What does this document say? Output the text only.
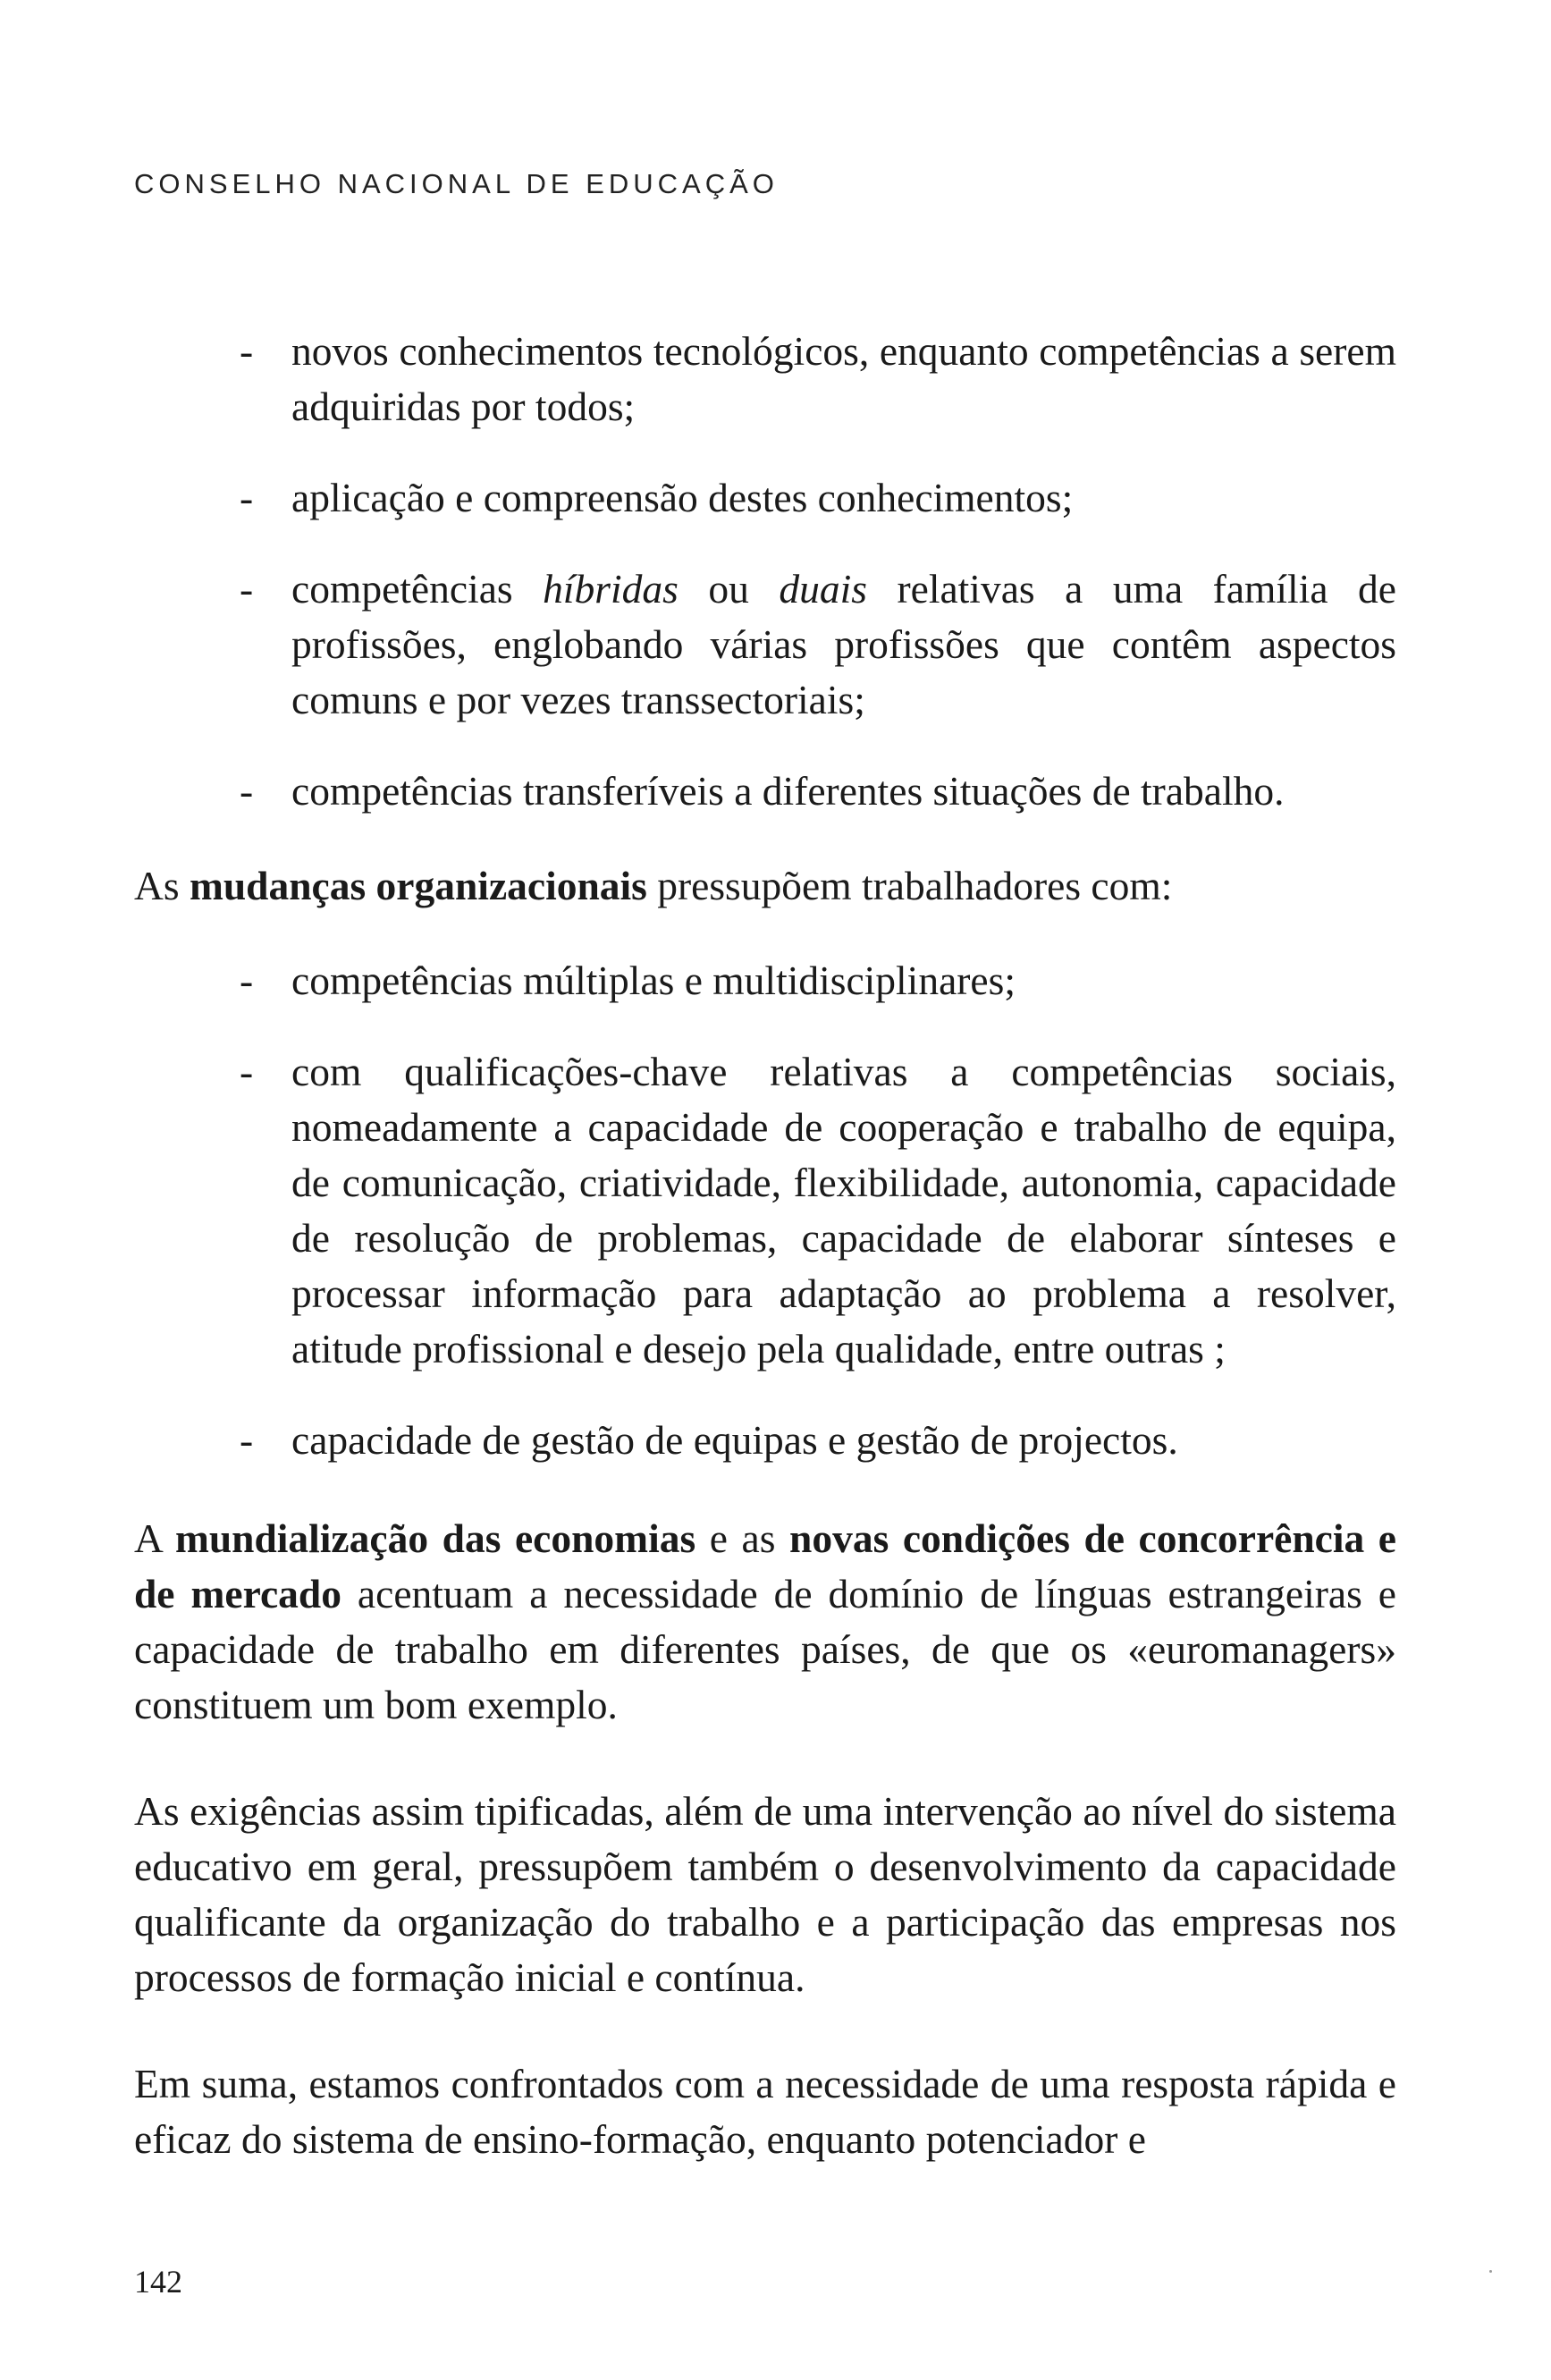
CONSELHO NACIONAL DE EDUCAÇÃO
- novos conhecimentos tecnológicos, enquanto competências a serem adquiridas por todos;
- aplicação e compreensão destes conhecimentos;
- competências híbridas ou duais relativas a uma família de profissões, englobando várias profissões que contêm aspectos comuns e por vezes transsectoriais;
- competências transferíveis a diferentes situações de trabalho.

As mudanças organizacionais pressupõem trabalhadores com:

- competências múltiplas e multidisciplinares;
- com qualificações-chave relativas a competências sociais, nomeadamente a capacidade de cooperação e trabalho de equipa, de comunicação, criatividade, flexibilidade, autonomia, capacidade de resolução de problemas, capacidade de elaborar sínteses e processar informação para adaptação ao problema a resolver, atitude profissional e desejo pela qualidade, entre outras ;
- capacidade de gestão de equipas e gestão de projectos.

A mundialização das economias e as novas condições de concorrência e de mercado acentuam a necessidade de domínio de línguas estrangeiras e capacidade de trabalho em diferentes países, de que os «euromanagers» constituem um bom exemplo.

As exigências assim tipificadas, além de uma intervenção ao nível do sistema educativo em geral, pressupõem também o desenvolvimento da capacidade qualificante da organização do trabalho e a participação das empresas nos processos de formação inicial e contínua.

Em suma, estamos confrontados com a necessidade de uma resposta rápida e eficaz do sistema de ensino-formação, enquanto potenciador e

142
